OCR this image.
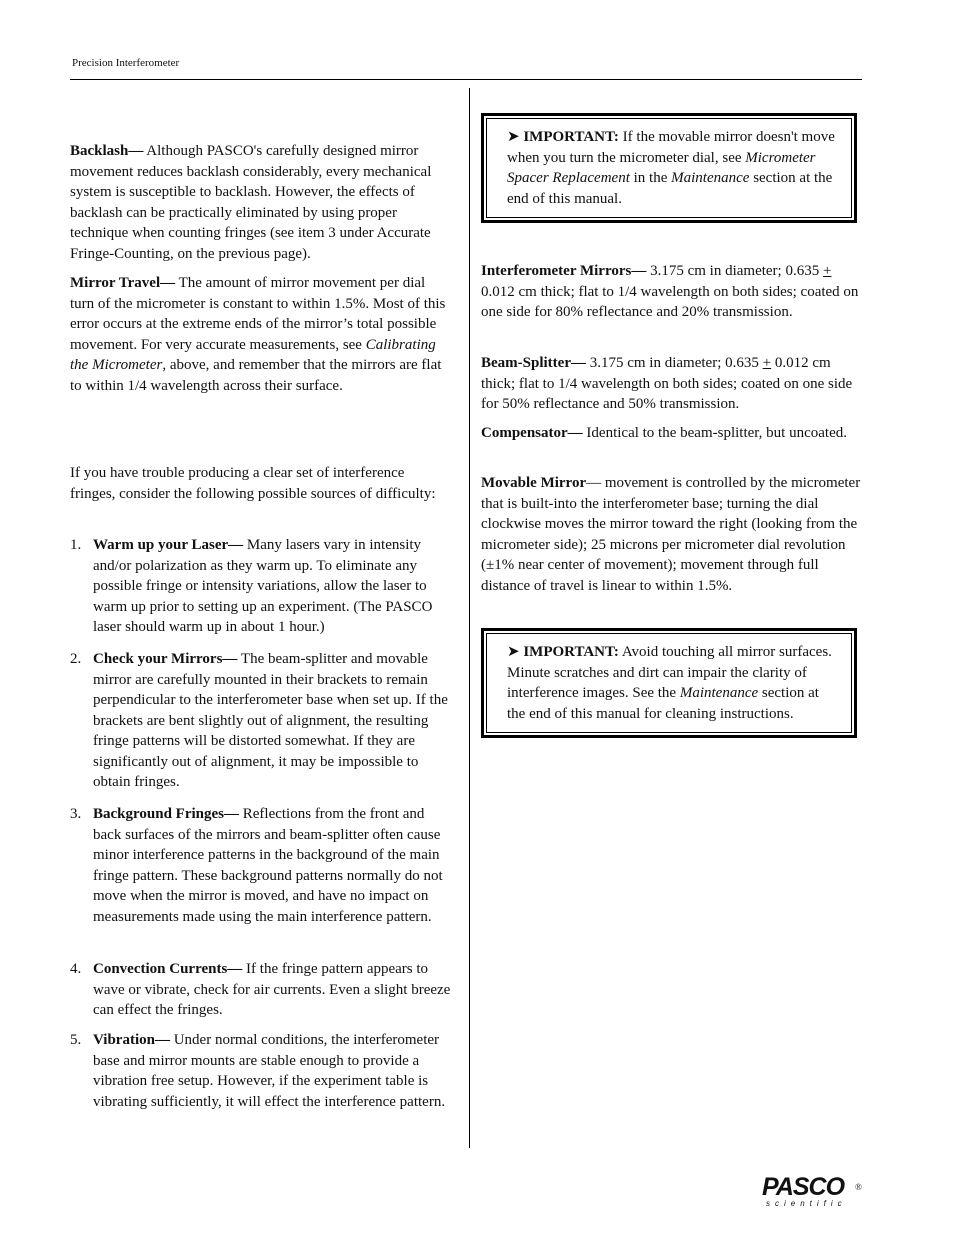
Precision Interferometer

Backlash— Although PASCO's carefully designed mirror movement reduces backlash considerably, every mechanical system is susceptible to backlash. However, the effects of backlash can be practically eliminated by using proper technique when counting fringes (see item 3 under Accurate Fringe-Counting, on the previous page).

Mirror Travel— The amount of mirror movement per dial turn of the micrometer is constant to within 1.5%. Most of this error occurs at the extreme ends of the mirror’s total possible movement. For very accurate measurements, see Calibrating the Micrometer, above, and remember that the mirrors are flat to within 1/4 wavelength across their surface.

If you have trouble producing a clear set of interference fringes, consider the following possible sources of difficulty:

1. Warm up your Laser— Many lasers vary in intensity and/or polarization as they warm up. To eliminate any possible fringe or intensity variations, allow the laser to warm up prior to setting up an experiment. (The PASCO laser should warm up in about 1 hour.)
2. Check your Mirrors— The beam-splitter and movable mirror are carefully mounted in their brackets to remain perpendicular to the interferometer base when set up. If the brackets are bent slightly out of alignment, the resulting fringe patterns will be distorted somewhat. If they are significantly out of alignment, it may be impossible to obtain fringes.
3. Background Fringes— Reflections from the front and back surfaces of the mirrors and beam-splitter often cause minor interference patterns in the background of the main fringe pattern. These background patterns normally do not move when the mirror is moved, and have no impact on measurements made using the main interference pattern.
4. Convection Currents— If the fringe pattern appears to wave or vibrate, check for air currents. Even a slight breeze can effect the fringes.
5. Vibration— Under normal conditions, the interferometer base and mirror mounts are stable enough to provide a vibration free setup. However, if the experiment table is vibrating sufficiently, it will effect the interference pattern.
➤ IMPORTANT: If the movable mirror doesn't move when you turn the micrometer dial, see Micrometer Spacer Replacement in the Maintenance section at the end of this manual.

Interferometer Mirrors— 3.175 cm in diameter; 0.635 + 0.012 cm thick; flat to 1/4 wavelength on both sides; coated on one side for 80% reflectance and 20% transmission.

Beam-Splitter— 3.175 cm in diameter; 0.635 + 0.012 cm thick; flat to 1/4 wavelength on both sides; coated on one side for 50% reflectance and 50% transmission.

Compensator— Identical to the beam-splitter, but uncoated.

Movable Mirror— movement is controlled by the micrometer that is built-into the interferometer base; turning the dial clockwise moves the mirror toward the right (looking from the micrometer side); 25 microns per micrometer dial revolution (±1% near center of movement); movement through full distance of travel is linear to within 1.5%.

➤ IMPORTANT: Avoid touching all mirror surfaces. Minute scratches and dirt can impair the clarity of interference images. See the Maintenance section at the end of this manual for cleaning instructions.
PASCO
scientific
®
